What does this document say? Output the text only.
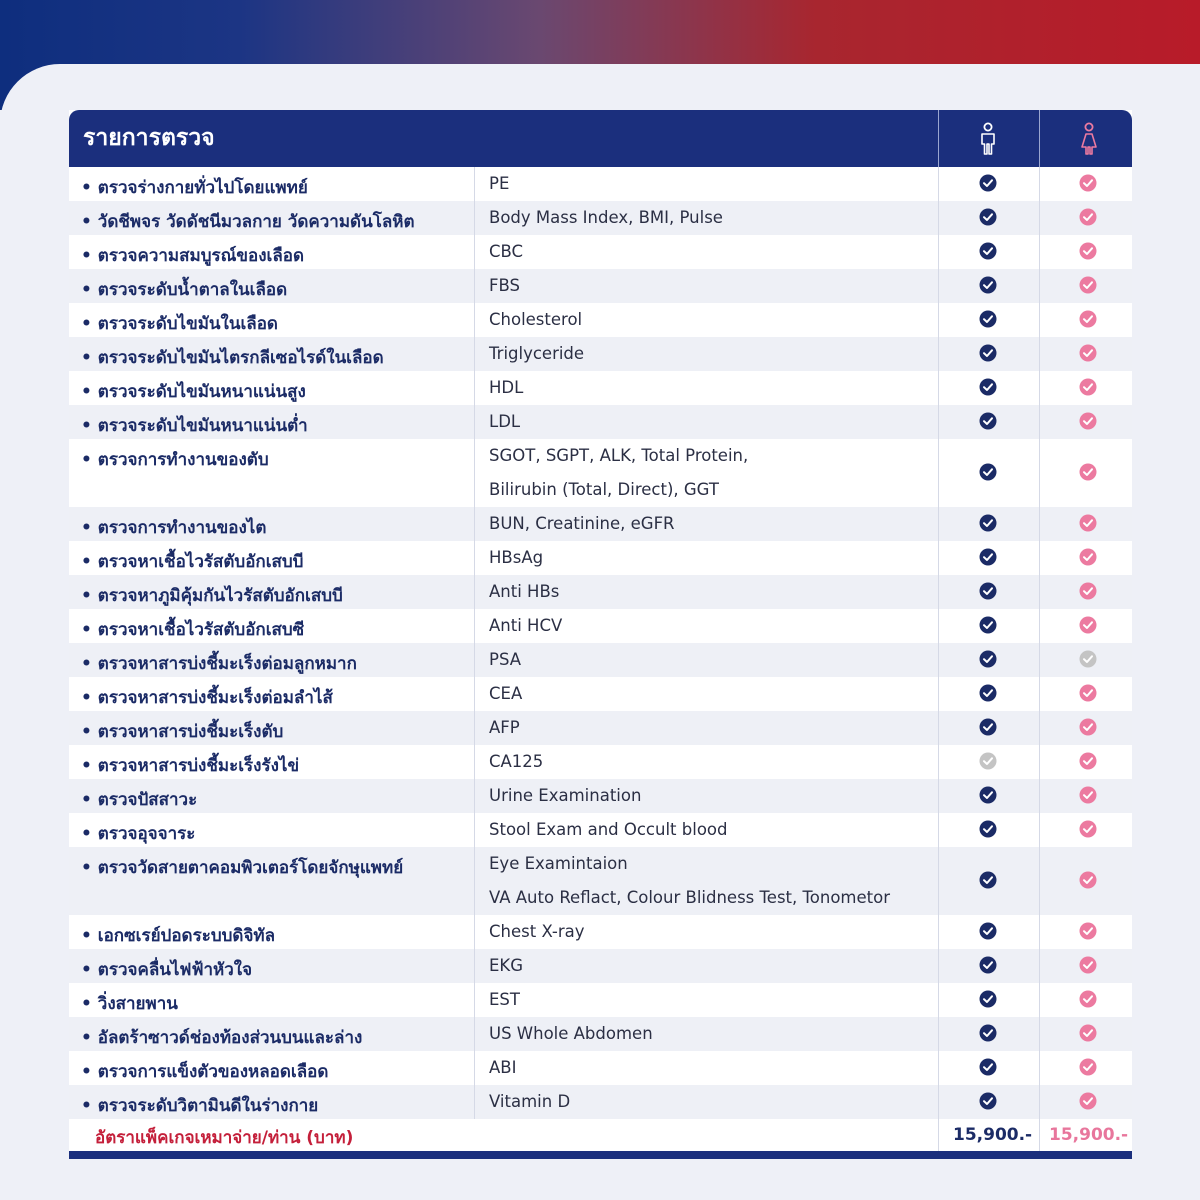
รายการตรวจ
• ตรวจร่างกายทั่วไปโดยแพทย์	PE
• วัดชีพจร วัดดัชนีมวลกาย วัดความดันโลหิต	Body Mass Index, BMI, Pulse
• ตรวจความสมบูรณ์ของเลือด	CBC
• ตรวจระดับน้ำตาลในเลือด	FBS
• ตรวจระดับไขมันในเลือด	Cholesterol
• ตรวจระดับไขมันไตรกลีเซอไรด์ในเลือด	Triglyceride
• ตรวจระดับไขมันหนาแน่นสูง	HDL
• ตรวจระดับไขมันหนาแน่นต่ำ	LDL
• ตรวจการทำงานของตับ	SGOT, SGPT, ALK, Total Protein,
Bilirubin (Total, Direct), GGT
• ตรวจการทำงานของไต	BUN, Creatinine, eGFR
• ตรวจหาเชื้อไวรัสตับอักเสบบี	HBsAg
• ตรวจหาภูมิคุ้มกันไวรัสตับอักเสบบี	Anti HBs
• ตรวจหาเชื้อไวรัสตับอักเสบซี	Anti HCV
• ตรวจหาสารบ่งชี้มะเร็งต่อมลูกหมาก	PSA
• ตรวจหาสารบ่งชี้มะเร็งต่อมลำไส้	CEA
• ตรวจหาสารบ่งชี้มะเร็งตับ	AFP
• ตรวจหาสารบ่งชี้มะเร็งรังไข่	CA125
• ตรวจปัสสาวะ	Urine Examination
• ตรวจอุจจาระ	Stool Exam and Occult blood
• ตรวจวัดสายตาคอมพิวเตอร์โดยจักษุแพทย์	Eye Examintaion
VA Auto Reflact, Colour Blidness Test, Tonometor
• เอกซเรย์ปอดระบบดิจิทัล	Chest X-ray
• ตรวจคลื่นไฟฟ้าหัวใจ	EKG
• วิ่งสายพาน	EST
• อัลตร้าซาวด์ช่องท้องส่วนบนและล่าง	US Whole Abdomen
• ตรวจการแข็งตัวของหลอดเลือด	ABI
• ตรวจระดับวิตามินดีในร่างกาย	Vitamin D
อัตราแพ็คเกจเหมาจ่าย/ท่าน (บาท)	15,900.- 15,900.-
